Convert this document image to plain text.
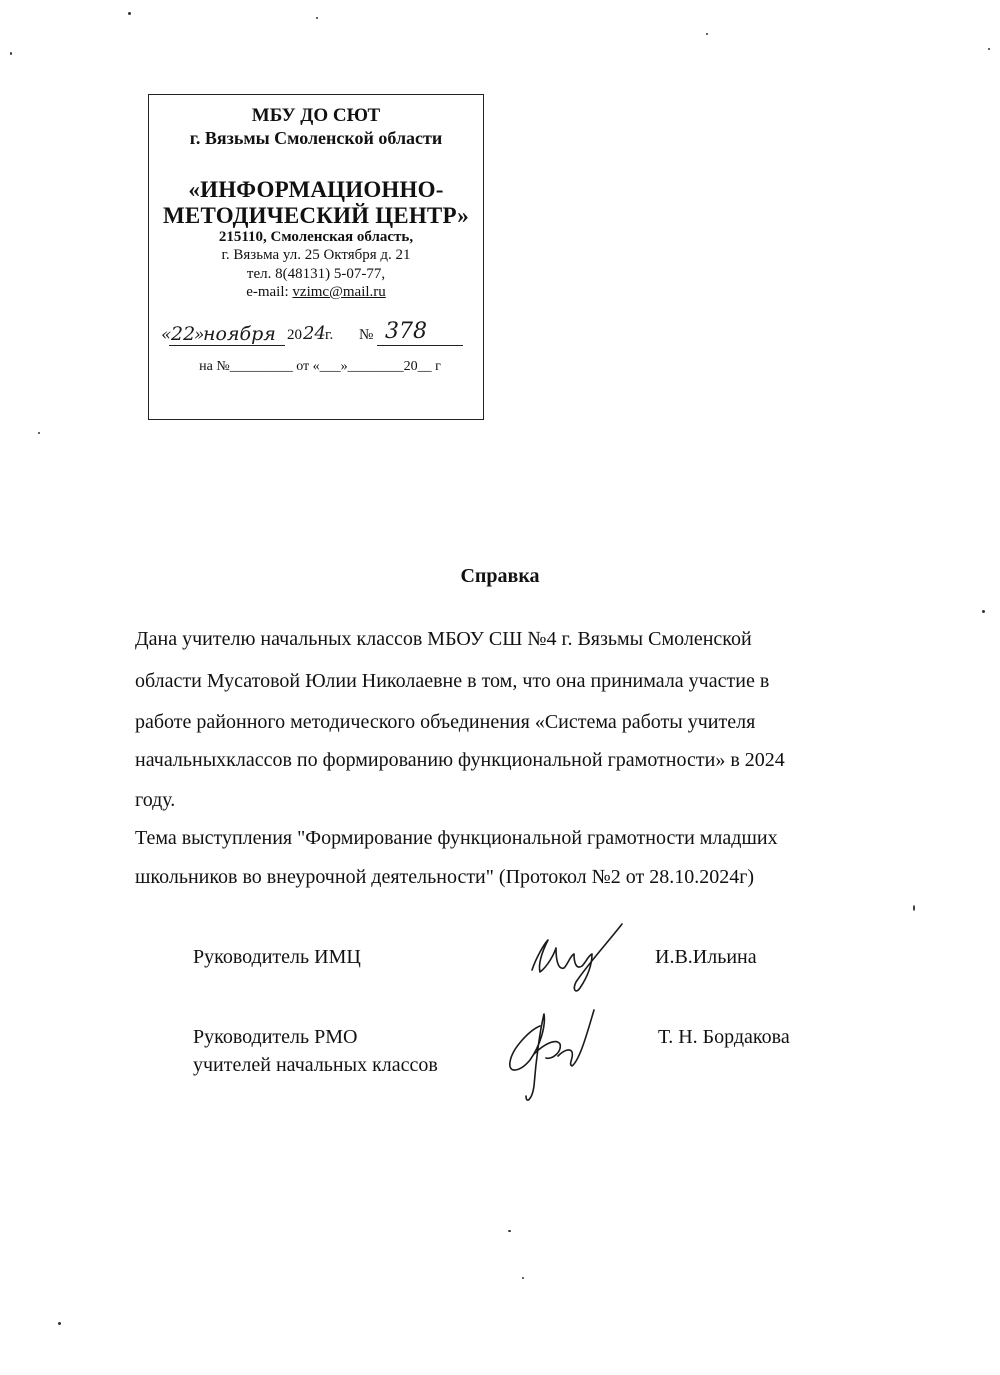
МБУ ДО СЮТ
г. Вязьмы Смоленской области
«ИНФОРМАЦИОННО-
МЕТОДИЧЕСКИЙ ЦЕНТР»
215110, Смоленская область,
г. Вязьма ул. 25 Октября д. 21
тел. 8(48131) 5-07-77,
e-mail: vzimc@mail.ru
« 22
»
ноября 20 24 г. № 378
на №_________ от «___»________20__ г
Справка
Дана учителю начальных классов МБОУ СШ №4 г. Вязьмы Смоленской
области Мусатовой Юлии Николаевне в том, что она принимала участие в
работе районного методического объединения «Система работы учителя
начальныхклассов по формированию функциональной грамотности» в 2024
году.
Тема выступления "Формирование функциональной грамотности младших
школьников во внеурочной деятельности" (Протокол №2 от 28.10.2024г)
Руководитель ИМЦ	И.В.Ильина
Руководитель РМО
учителей начальных классов
Т. Н. Бордакова
